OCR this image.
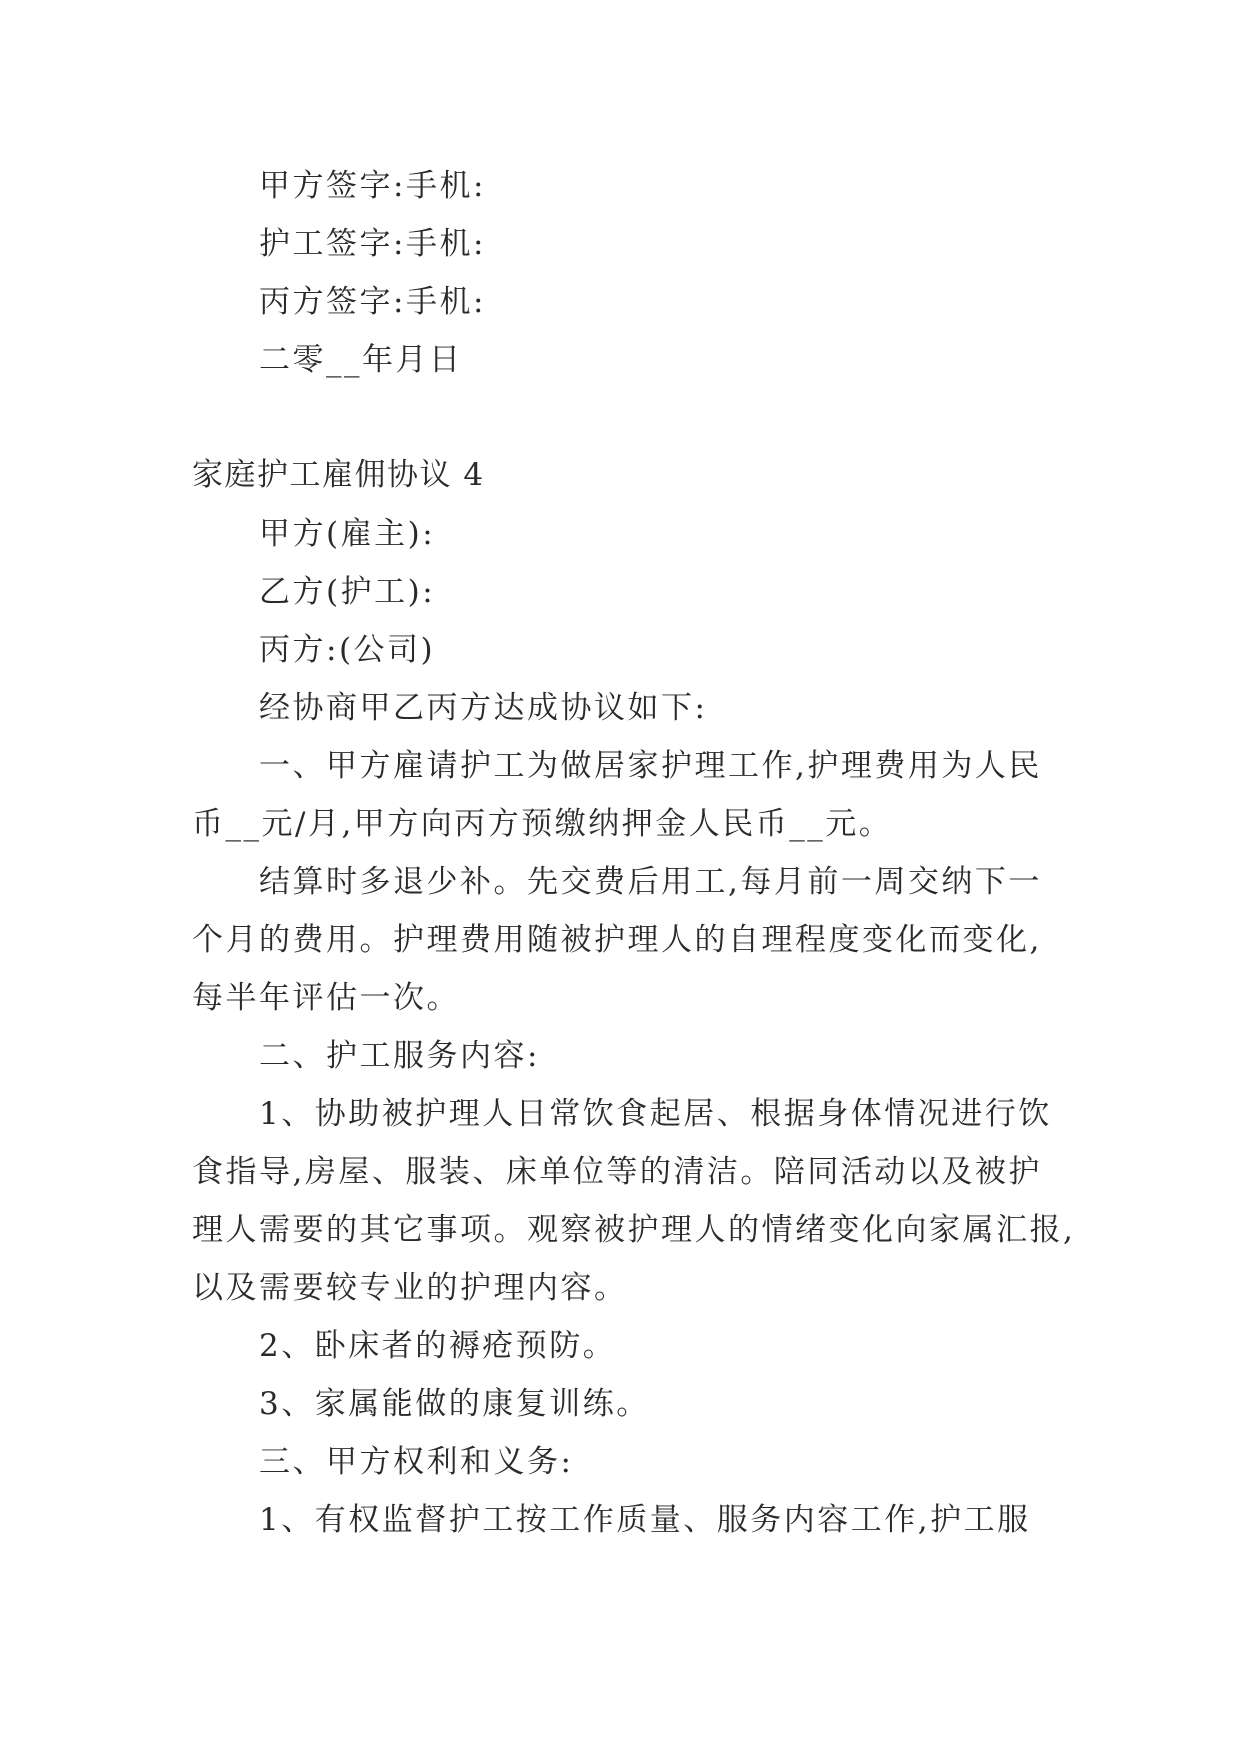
甲方签字:手机:
护工签字:手机:
丙方签字:手机:
二零__年月日
家庭护工雇佣协议 4
甲方(雇主):
乙方(护工):
丙方:(公司)
经协商甲乙丙方达成协议如下:
一、甲方雇请护工为做居家护理工作,护理费用为人民
币__元/月,甲方向丙方预缴纳押金人民币__元。
结算时多退少补。先交费后用工,每月前一周交纳下一
个月的费用。护理费用随被护理人的自理程度变化而变化,
每半年评估一次。
二、护工服务内容:
1、协助被护理人日常饮食起居、根据身体情况进行饮
食指导,房屋、服装、床单位等的清洁。陪同活动以及被护
理人需要的其它事项。观察被护理人的情绪变化向家属汇报,
以及需要较专业的护理内容。
2、卧床者的褥疮预防。
3、家属能做的康复训练。
三、甲方权利和义务:
1、有权监督护工按工作质量、服务内容工作,护工服
